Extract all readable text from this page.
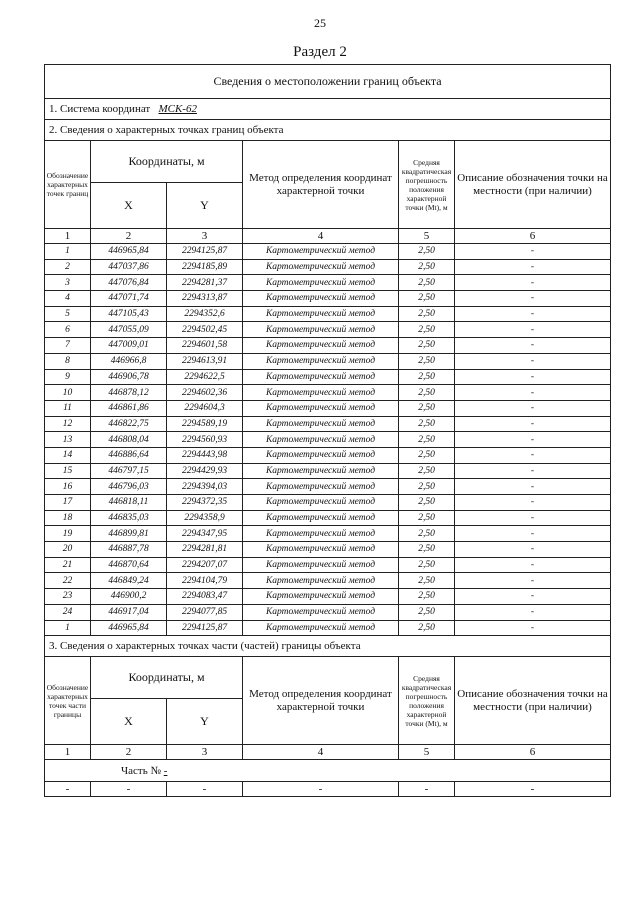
25
Раздел 2
Сведения о местоположении границ объекта					
1. Система координат МСК-62					
2. Сведения о характерных точках границ объекта					
Обозначение характерных точек границ	Координаты, м		Метод определения координат характерной точки	Средняя квадратическая погрешность положения характерной точки (Мt), м	Описание обозначения точки на местности (при наличии)
	X	Y			
1	2	3	4	5	6
1	446965,84	2294125,87	Картометрический метод	2,50	-
2	447037,86	2294185,89	Картометрический метод	2,50	-
3	447076,84	2294281,37	Картометрический метод	2,50	-
4	447071,74	2294313,87	Картометрический метод	2,50	-
5	447105,43	2294352,6	Картометрический метод	2,50	-
6	447055,09	2294502,45	Картометрический метод	2,50	-
7	447009,01	2294601,58	Картометрический метод	2,50	-
8	446966,8	2294613,91	Картометрический метод	2,50	-
9	446906,78	2294622,5	Картометрический метод	2,50	-
10	446878,12	2294602,36	Картометрический метод	2,50	-
11	446861,86	2294604,3	Картометрический метод	2,50	-
12	446822,75	2294589,19	Картометрический метод	2,50	-
13	446808,04	2294560,93	Картометрический метод	2,50	-
14	446886,64	2294443,98	Картометрический метод	2,50	-
15	446797,15	2294429,93	Картометрический метод	2,50	-
16	446796,03	2294394,03	Картометрический метод	2,50	-
17	446818,11	2294372,35	Картометрический метод	2,50	-
18	446835,03	2294358,9	Картометрический метод	2,50	-
19	446899,81	2294347,95	Картометрический метод	2,50	-
20	446887,78	2294281,81	Картометрический метод	2,50	-
21	446870,64	2294207,07	Картометрический метод	2,50	-
22	446849,24	2294104,79	Картометрический метод	2,50	-
23	446900,2	2294083,47	Картометрический метод	2,50	-
24	446917,04	2294077,85	Картометрический метод	2,50	-
1	446965,84	2294125,87	Картометрический метод	2,50	-
3. Сведения о характерных точках части (частей) границы объекта					
Обозначение характерных точек части границы	Координаты, м		Метод определения координат характерной точки	Средняя квадратическая погрешность положения характерной точки (Мt), м	Описание обозначения точки на местности (при наличии)
	X	Y			
1	2	3	4	5	6
Часть № -					
-	-	-	-	-	-
